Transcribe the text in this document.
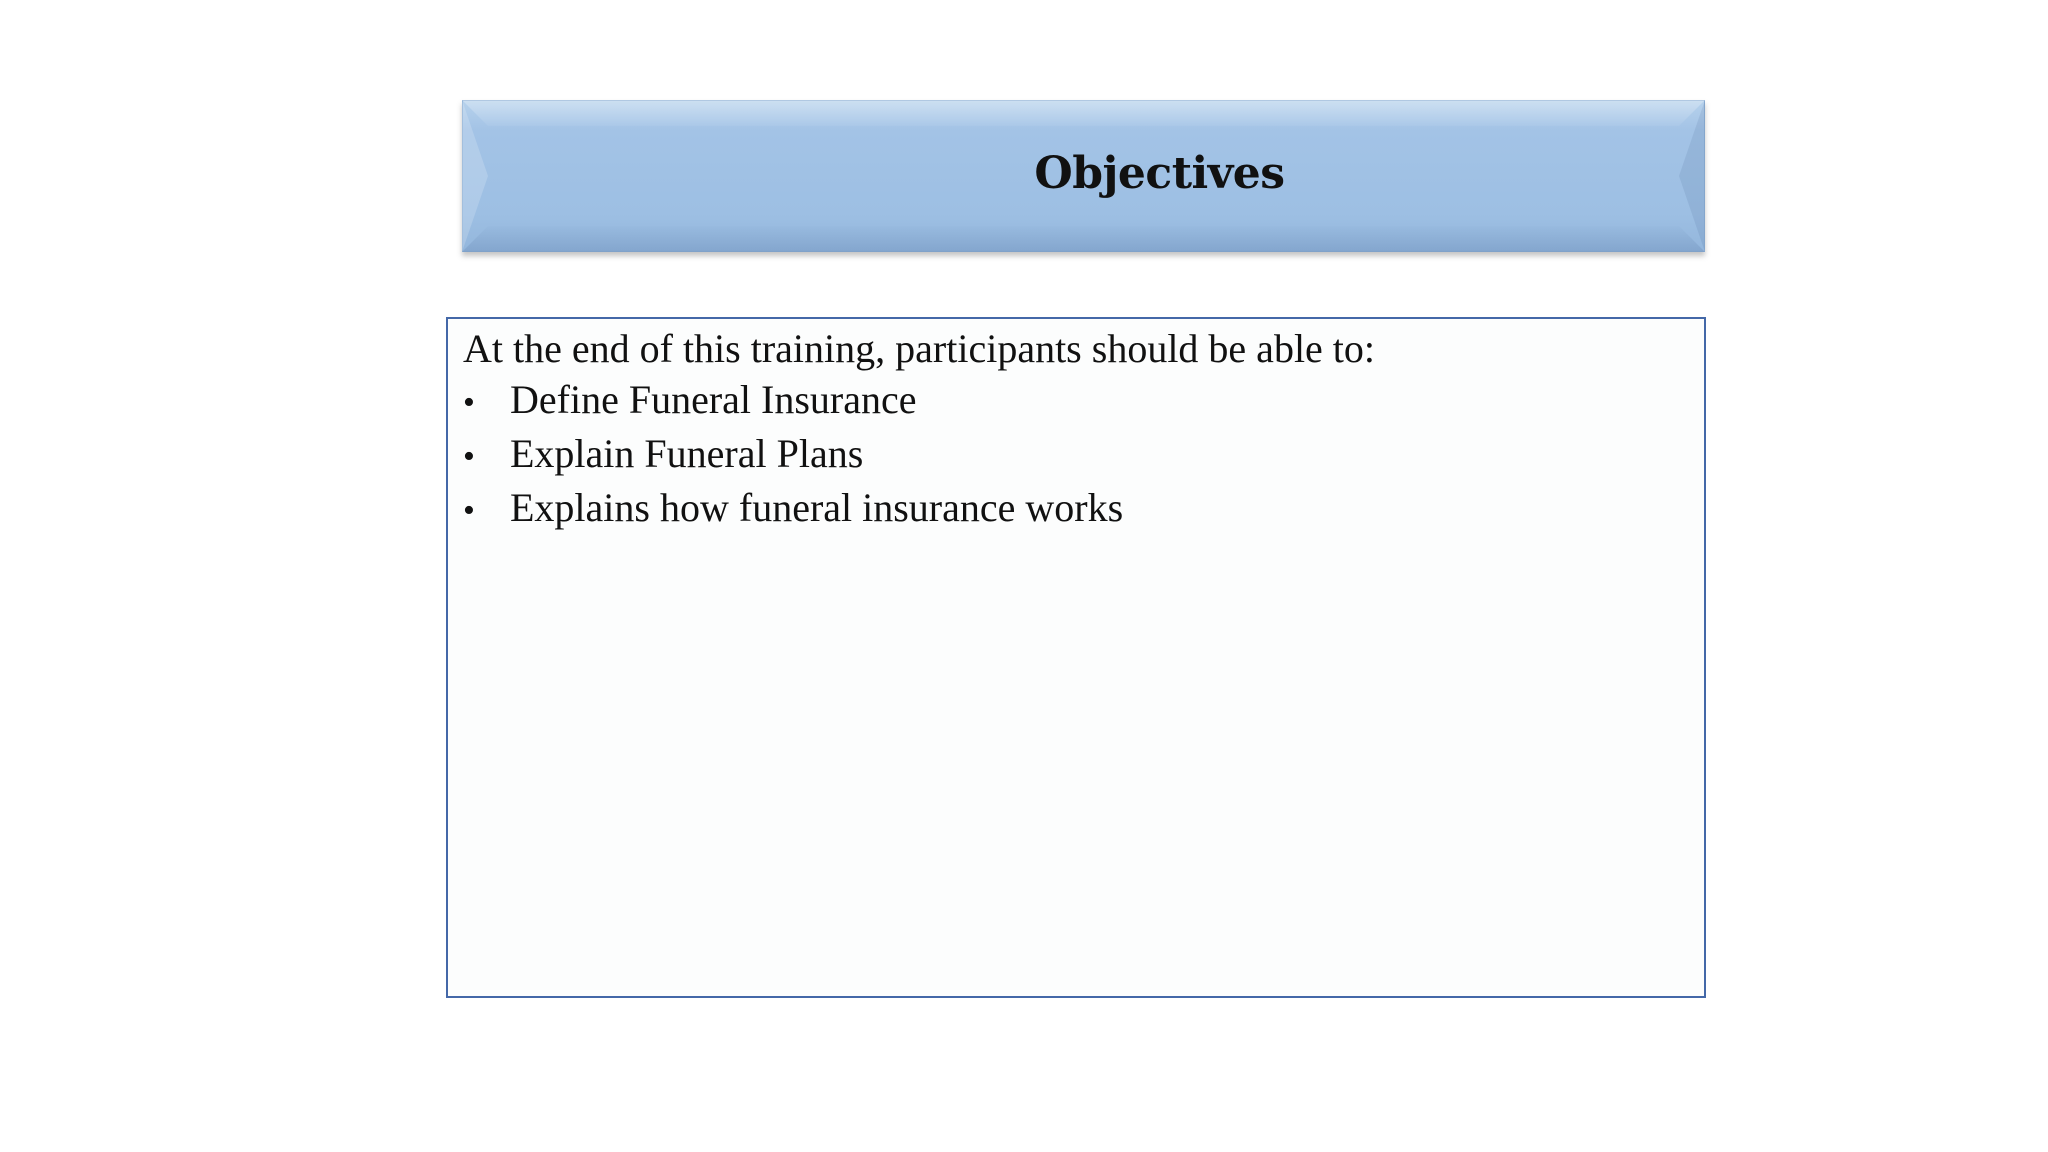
Objectives

At the end of this training, participants should be able to:

• Define Funeral Insurance
• Explain Funeral Plans
• Explains how funeral insurance works
